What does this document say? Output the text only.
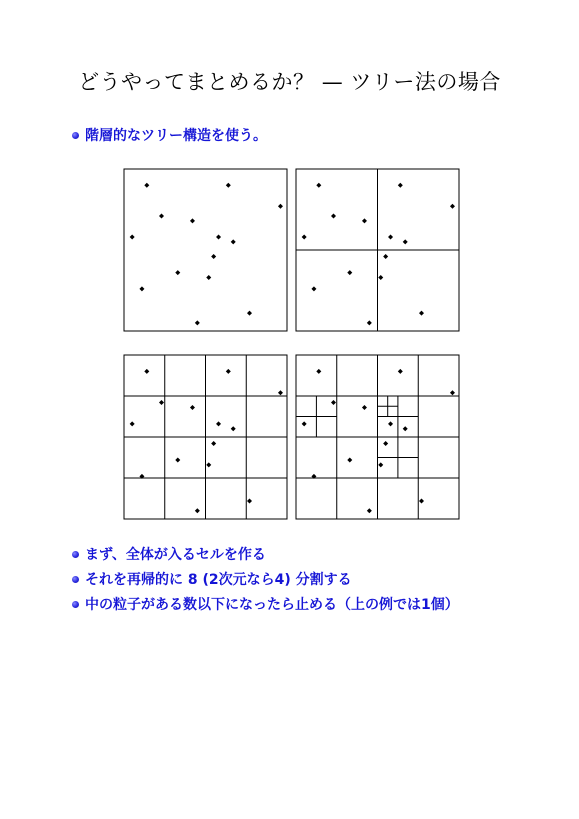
どうやってまとめるか？ — ツリー法の場合
階層的なツリー構造を使う。
まず、全体が入るセルを作る
それを再帰的に 8 (2次元なら4) 分割する
中の粒子がある数以下になったら止める（上の例では1個）
